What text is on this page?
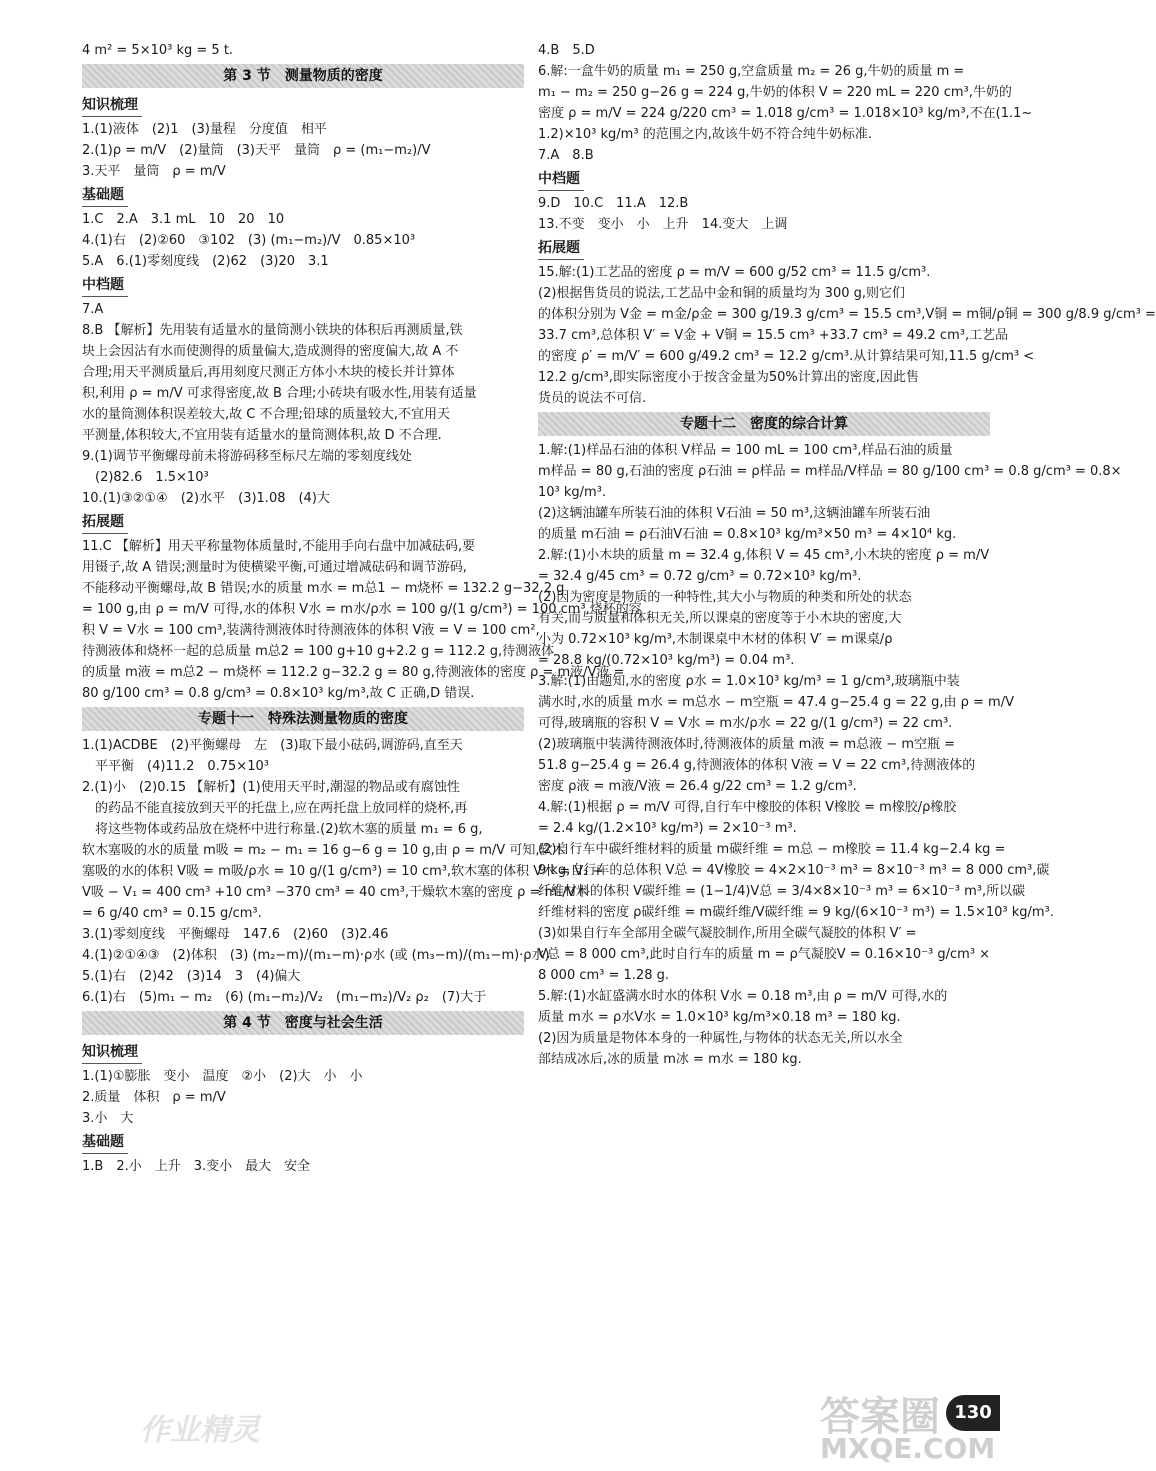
4 m² = 5×10³ kg = 5 t.
第 3 节　测量物质的密度
知识梳理
1.(1)液体　(2)1　(3)量程　分度值　相平
2.(1)ρ = m/V　(2)量筒　(3)天平　量筒　ρ = (m₁−m₂)/V
3.天平　量筒　ρ = m/V
基础题
1.C　2.A　3.1 mL　10　20　10
4.(1)右　(2)②60　③102　(3) (m₁−m₂)/V　0.85×10³
5.A　6.(1)零刻度线　(2)62　(3)20　3.1
中档题
7.A
8.B 【解析】先用装有适量水的量筒测小铁块的体积后再测质量,铁
块上会因沾有水而使测得的质量偏大,造成测得的密度偏大,故 A 不
合理;用天平测质量后,再用刻度尺测正方体小木块的棱长并计算体
积,利用 ρ = m/V 可求得密度,故 B 合理;小砖块有吸水性,用装有适量
水的量筒测体积误差较大,故 C 不合理;铅球的质量较大,不宜用天
平测量,体积较大,不宜用装有适量水的量筒测体积,故 D 不合理.
9.(1)调节平衡螺母前未将游码移至标尺左端的零刻度线处
　(2)82.6　1.5×10³
10.(1)③②①④　(2)水平　(3)1.08　(4)大
拓展题
11.C 【解析】用天平称量物体质量时,不能用手向右盘中加减砝码,要
用镊子,故 A 错误;测量时为使横梁平衡,可通过增减砝码和调节游码,
不能移动平衡螺母,故 B 错误;水的质量 m水 = m总1 − m烧杯 = 132.2 g−32.2 g
= 100 g,由 ρ = m/V 可得,水的体积 V水 = m水/ρ水 = 100 g/(1 g/cm³) = 100 cm³,烧杯的容
积 V = V水 = 100 cm³,装满待测液体时待测液体的体积 V液 = V = 100 cm²,
待测液体和烧杯一起的总质量 m总2 = 100 g+10 g+2.2 g = 112.2 g,待测液体
的质量 m液 = m总2 − m烧杯 = 112.2 g−32.2 g = 80 g,待测液体的密度 ρ = m液/V液 =
80 g/100 cm³ = 0.8 g/cm³ = 0.8×10³ kg/m³,故 C 正确,D 错误.
专题十一　特殊法测量物质的密度
1.(1)ACDBE　(2)平衡螺母　左　(3)取下最小砝码,调游码,直至天
　平平衡　(4)11.2　0.75×10³
2.(1)小　(2)0.15 【解析】(1)使用天平时,潮湿的物品或有腐蚀性
　的药品不能直接放到天平的托盘上,应在两托盘上放同样的烧杯,再
　将这些物体或药品放在烧杯中进行称量.(2)软木塞的质量 m₁ = 6 g,
软木塞吸的水的质量 m吸 = m₂ − m₁ = 16 g−6 g = 10 g,由 ρ = m/V 可知,软木
塞吸的水的体积 V吸 = m吸/ρ水 = 10 g/(1 g/cm³) = 10 cm³,软木塞的体积 V木 = V₂ +
V吸 − V₁ = 400 cm³ +10 cm³ −370 cm³ = 40 cm³,干燥软木塞的密度 ρ = m₁/V木
= 6 g/40 cm³ = 0.15 g/cm³.
3.(1)零刻度线　平衡螺母　147.6　(2)60　(3)2.46
4.(1)②①④③　(2)体积　(3) (m₂−m)/(m₁−m)·ρ水 (或 (m₃−m)/(m₁−m)·ρ水)
5.(1)右　(2)42　(3)14　3　(4)偏大
6.(1)右　(5)m₁ − m₂　(6) (m₁−m₂)/V₂　(m₁−m₂)/V₂ ρ₂　(7)大于
第 4 节　密度与社会生活
知识梳理
1.(1)①膨胀　变小　温度　②小　(2)大　小　小
2.质量　体积　ρ = m/V
3.小　大
基础题
1.B　2.小　上升　3.变小　最大　安全
4.B　5.D
6.解:一盒牛奶的质量 m₁ = 250 g,空盒质量 m₂ = 26 g,牛奶的质量 m =
m₁ − m₂ = 250 g−26 g = 224 g,牛奶的体积 V = 220 mL = 220 cm³,牛奶的
密度 ρ = m/V = 224 g/220 cm³ = 1.018 g/cm³ = 1.018×10³ kg/m³,不在(1.1~
1.2)×10³ kg/m³ 的范围之内,故该牛奶不符合纯牛奶标准.
7.A　8.B
中档题
9.D　10.C　11.A　12.B
13.不变　变小　小　上升　14.变大　上调
拓展题
15.解:(1)工艺品的密度 ρ = m/V = 600 g/52 cm³ = 11.5 g/cm³.
(2)根据售货员的说法,工艺品中金和铜的质量均为 300 g,则它们
的体积分别为 V金 = m金/ρ金 = 300 g/19.3 g/cm³ = 15.5 cm³,V铜 = m铜/ρ铜 = 300 g/8.9 g/cm³ =
33.7 cm³,总体积 V′ = V金 + V铜 = 15.5 cm³ +33.7 cm³ = 49.2 cm³,工艺品
的密度 ρ′ = m/V′ = 600 g/49.2 cm³ = 12.2 g/cm³.从计算结果可知,11.5 g/cm³ <
12.2 g/cm³,即实际密度小于按含金量为50%计算出的密度,因此售
货员的说法不可信.
专题十二　密度的综合计算
1.解:(1)样品石油的体积 V样品 = 100 mL = 100 cm³,样品石油的质量
m样品 = 80 g,石油的密度 ρ石油 = ρ样品 = m样品/V样品 = 80 g/100 cm³ = 0.8 g/cm³ = 0.8×
10³ kg/m³.
(2)这辆油罐车所装石油的体积 V石油 = 50 m³,这辆油罐车所装石油
的质量 m石油 = ρ石油V石油 = 0.8×10³ kg/m³×50 m³ = 4×10⁴ kg.
2.解:(1)小木块的质量 m = 32.4 g,体积 V = 45 cm³,小木块的密度 ρ = m/V
= 32.4 g/45 cm³ = 0.72 g/cm³ = 0.72×10³ kg/m³.
(2)因为密度是物质的一种特性,其大小与物质的种类和所处的状态
有关,而与质量和体积无关,所以课桌的密度等于小木块的密度,大
小为 0.72×10³ kg/m³,木制课桌中木材的体积 V′ = m课桌/ρ
= 28.8 kg/(0.72×10³ kg/m³) = 0.04 m³.
3.解:(1)由题知,水的密度 ρ水 = 1.0×10³ kg/m³ = 1 g/cm³,玻璃瓶中装
满水时,水的质量 m水 = m总水 − m空瓶 = 47.4 g−25.4 g = 22 g,由 ρ = m/V
可得,玻璃瓶的容积 V = V水 = m水/ρ水 = 22 g/(1 g/cm³) = 22 cm³.
(2)玻璃瓶中装满待测液体时,待测液体的质量 m液 = m总液 − m空瓶 =
51.8 g−25.4 g = 26.4 g,待测液体的体积 V液 = V = 22 cm³,待测液体的
密度 ρ液 = m液/V液 = 26.4 g/22 cm³ = 1.2 g/cm³.
4.解:(1)根据 ρ = m/V 可得,自行车中橡胶的体积 V橡胶 = m橡胶/ρ橡胶
= 2.4 kg/(1.2×10³ kg/m³) = 2×10⁻³ m³.
(2)自行车中碳纤维材料的质量 m碳纤维 = m总 − m橡胶 = 11.4 kg−2.4 kg =
9 kg,自行车的总体积 V总 = 4V橡胶 = 4×2×10⁻³ m³ = 8×10⁻³ m³ = 8 000 cm³,碳
纤维材料的体积 V碳纤维 = (1−1/4)V总 = 3/4×8×10⁻³ m³ = 6×10⁻³ m³,所以碳
纤维材料的密度 ρ碳纤维 = m碳纤维/V碳纤维 = 9 kg/(6×10⁻³ m³) = 1.5×10³ kg/m³.
(3)如果自行车全部用全碳气凝胶制作,所用全碳气凝胶的体积 V′ =
V总 = 8 000 cm³,此时自行车的质量 m = ρ气凝胶V = 0.16×10⁻³ g/cm³ ×
8 000 cm³ = 1.28 g.
5.解:(1)水缸盛满水时水的体积 V水 = 0.18 m³,由 ρ = m/V 可得,水的
质量 m水 = ρ水V水 = 1.0×10³ kg/m³×0.18 m³ = 180 kg.
(2)因为质量是物体本身的一种属性,与物体的状态无关,所以水全
部结成冰后,冰的质量 m冰 = m水 = 180 kg.
130
作业精灵	答案圈
MXQE.COM
